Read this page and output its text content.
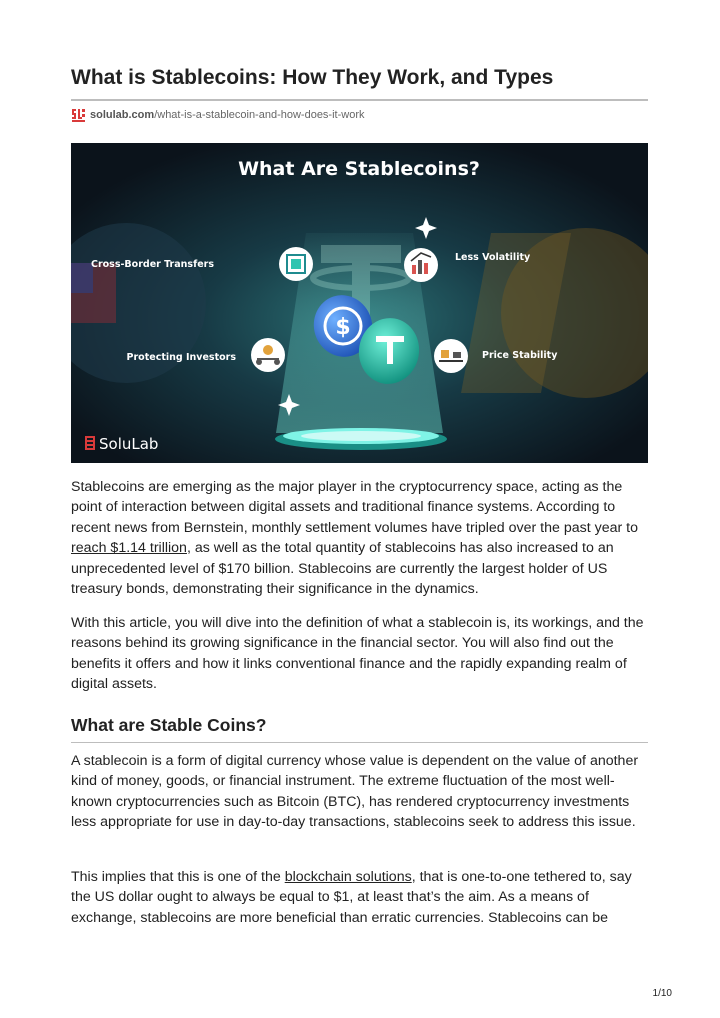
What is Stablecoins: How They Work, and Types
solulab.com /what-is-a-stablecoin-and-how-does-it-work
$
What Are Stablecoins?
Cross-Border Transfers
Less Volatility
Protecting Investors	Price Stability
SoluLab

Stablecoins are emerging as the major player in the cryptocurrency space, acting as the point of interaction between digital assets and traditional finance systems. According to recent news from Bernstein, monthly settlement volumes have tripled over the past year to reach $1.14 trillion, as well as the total quantity of stablecoins has also increased to an unprecedented level of $170 billion. Stablecoins are currently the largest holder of US treasury bonds, demonstrating their significance in the dynamics.

With this article, you will dive into the definition of what a stablecoin is, its workings, and the reasons behind its growing significance in the financial sector. You will also find out the benefits it offers and how it links conventional finance and the rapidly expanding realm of digital assets.

What are Stable Coins?

A stablecoin is a form of digital currency whose value is dependent on the value of another kind of money, goods, or financial instrument. The extreme fluctuation of the most well-known cryptocurrencies such as Bitcoin (BTC), has rendered cryptocurrency investments less appropriate for use in day-to-day transactions, stablecoins seek to address this issue.

This implies that this is one of the blockchain solutions, that is one-to-one tethered to, say the US dollar ought to always be equal to $1, at least that’s the aim. As a means of exchange, stablecoins are more beneficial than erratic currencies. Stablecoins can be

1/10
